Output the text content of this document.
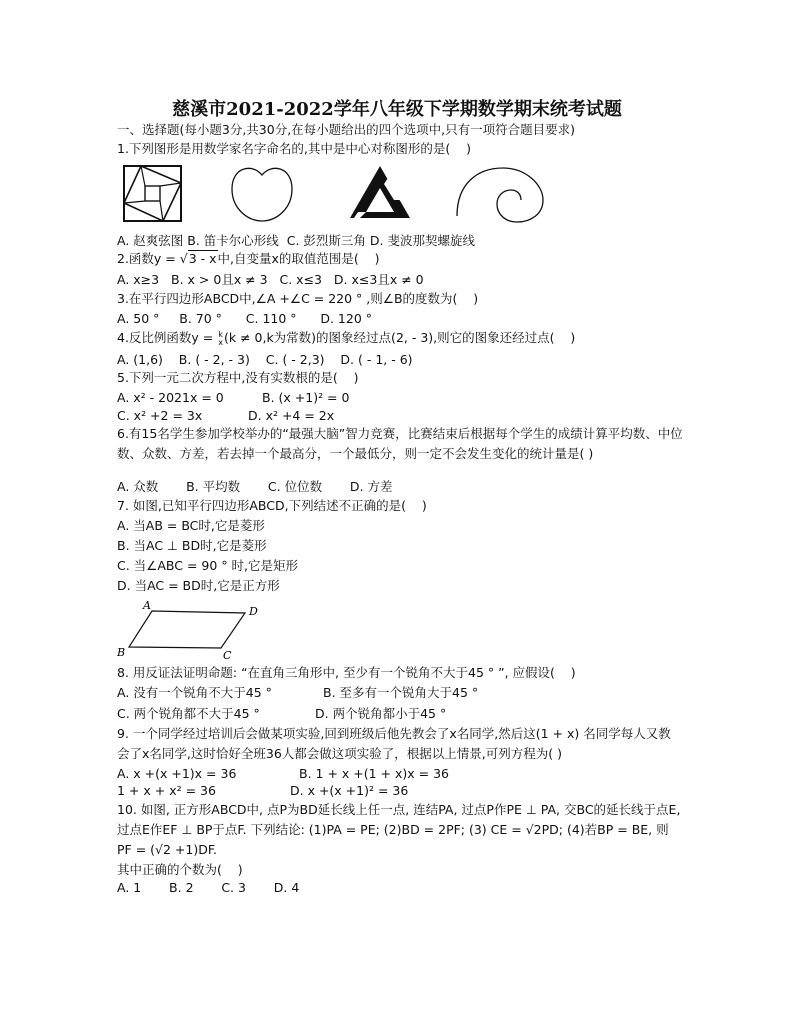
慈溪市2021-2022学年八年级下学期数学期末统考试题
一、选择题(每小题3分,共30分,在每小题给出的四个选项中,只有一项符合题目要求)
1.下列图形是用数学家名字命名的,其中是中心对称图形的是(    )
A. 赵爽弦图 B. 笛卡尔心形线  C. 彭烈斯三角 D. 斐波那契螺旋线
2.函数y = √3 - x中,自变量x的取值范围是(    )
A. x≥3   B. x > 0且x ≠ 3   C. x≤3   D. x≤3且x ≠ 0
3.在平行四边形ABCD中,∠A +∠C = 220 ° ,则∠B的度数为(    )
A. 50 °     B. 70 °      C. 110 °      D. 120 °
4.反比例函数y = k
x (k ≠ 0,k为常数)的图象经过点(2, - 3),则它的图象还经过点(    )
A. (1,6)    B. ( - 2, - 3)    C. ( - 2,3)    D. ( - 1, - 6)
5.下列一元二次方程中,没有实数根的是(    )
A. x² - 2021x = 0	B. (x +1)² = 0
C. x² +2 = 3x	D. x² +4 = 2x
6.有15名学生参加学校举办的“最强大脑”智力竞赛，比赛结束后根据每个学生的成绩计算平均数、中位数、众数、方差，若去掉一个最高分，一个最低分，则一定不会发生变化的统计量是( )
A. 众数       B. 平均数       C. 位位数       D. 方差
7. 如图,已知平行四边形ABCD,下列结述不正确的是(    )
A. 当AB = BC时,它是菱形
B. 当AC ⊥ BD时,它是菱形
C. 当∠ABC = 90 ° 时,它是矩形
D. 当AC = BD时,它是正方形
A	D
B	C
8. 用反证法证明命题: “在直角三角形中, 至少有一个锐角不大于45 ° ”, 应假设(    )
A. 没有一个锐角不大于45 °	B. 至多有一个锐角大于45 °
C. 两个锐角都不大于45 °	D. 两个锐角都小于45 °
9. 一个同学经过培训后会做某项实验,回到班级后他先教会了x名同学,然后这(1 + x) 名同学每人又教会了x名同学,这时恰好全班36人都会做这项实验了，根据以上情景,可列方程为( )
A. x +(x +1)x = 36	B. 1 + x +(1 + x)x = 36
1 + x + x² = 36	D. x +(x +1)² = 36
10. 如图, 正方形ABCD中, 点P为BD延长线上任一点, 连结PA, 过点P作PE ⊥ PA, 交BC的延长线于点E, 过点E作EF ⊥ BP于点F. 下列结论: (1)PA = PE; (2)BD = 2PF; (3) CE = √2PD; (4)若BP = BE, 则PF = (√2 +1)DF.
其中正确的个数为(    )
A. 1       B. 2       C. 3       D. 4
